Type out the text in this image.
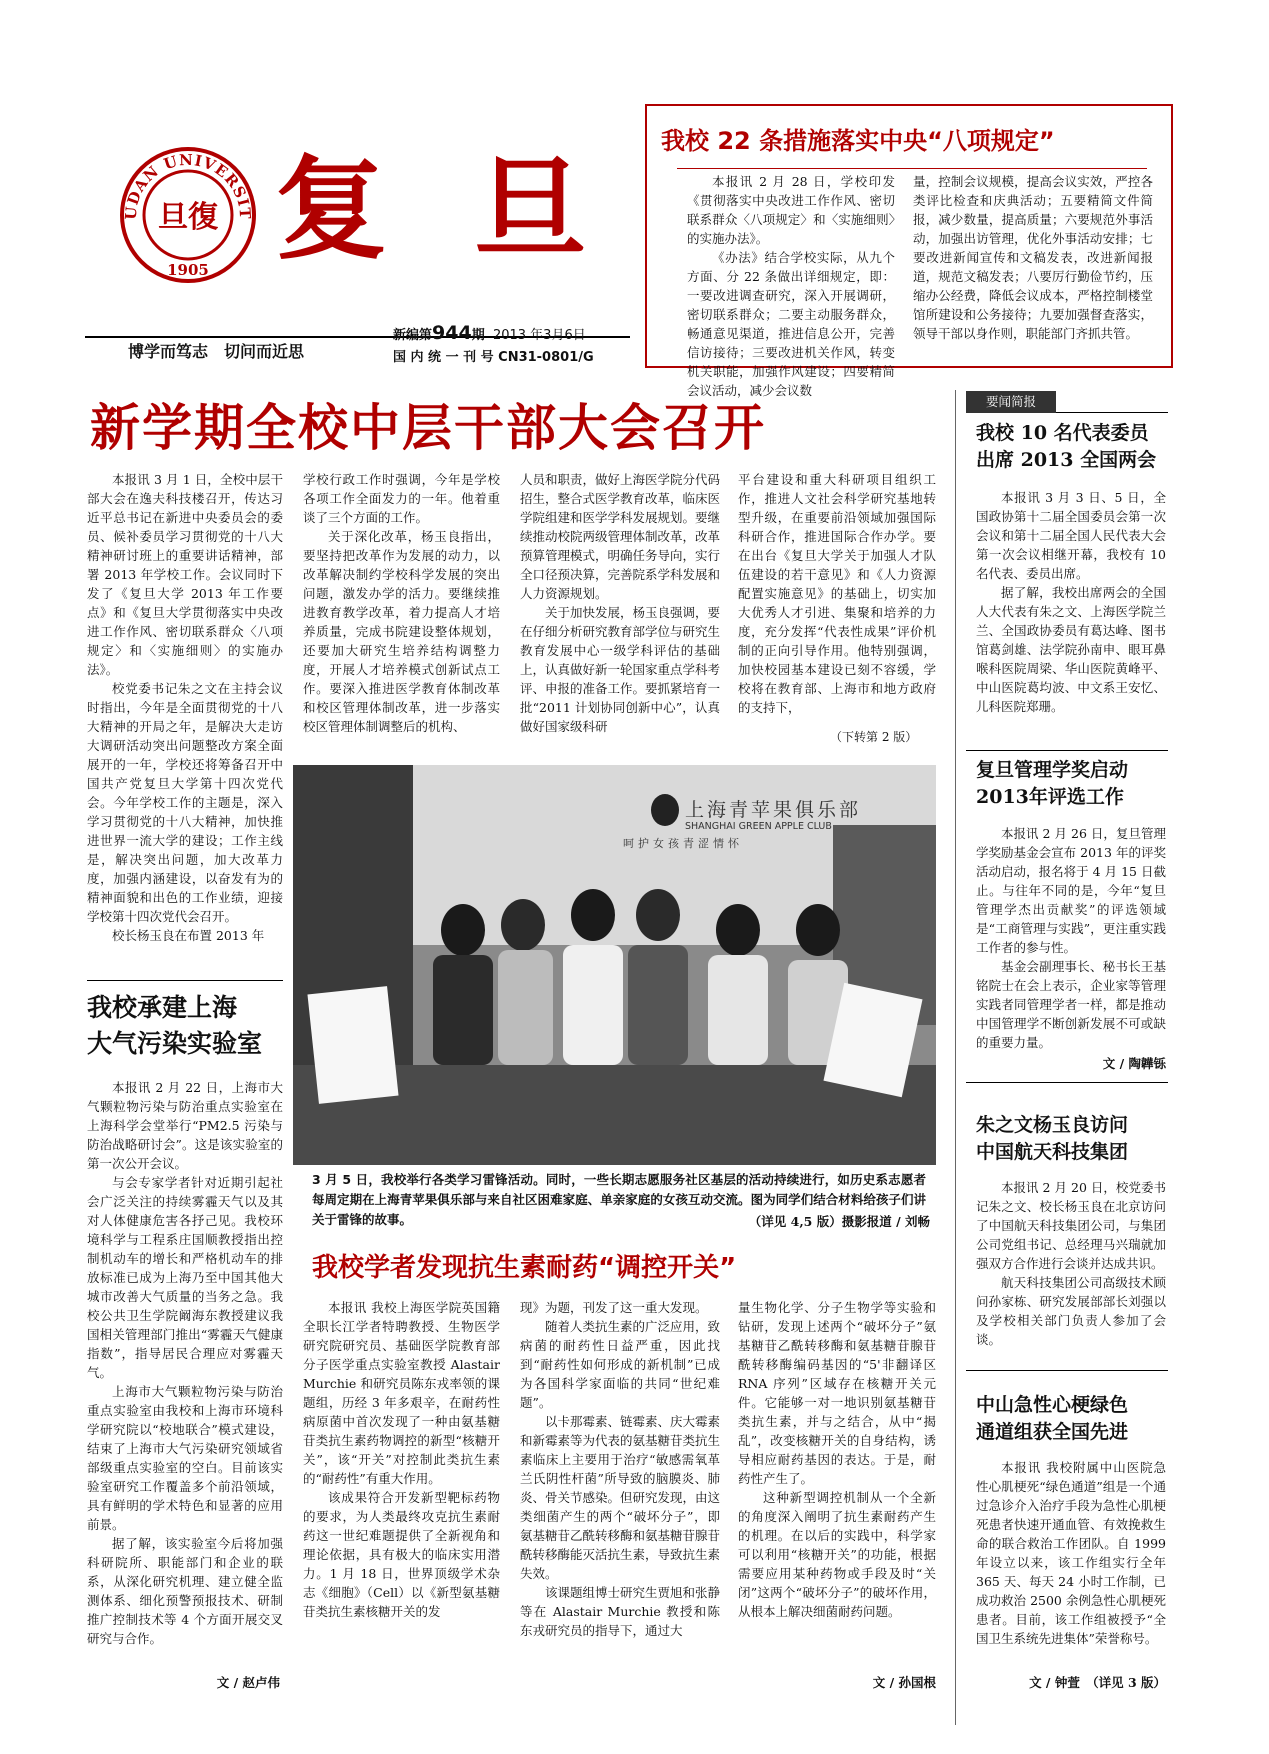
UDAN UNIVERSIT
旦復
1905 复 旦
博学而笃志　切问而近思
新编第944期 2013 年3月6日
国 内 统 一 刊 号 CN31-0801/G
我校 22 条措施落实中央“八项规定”

本报讯 2 月 28 日，学校印发《贯彻落实中央改进工作作风、密切联系群众〈八项规定〉和〈实施细则〉的实施办法》。

《办法》结合学校实际，从九个方面、分 22 条做出详细规定，即：一要改进调查研究，深入开展调研，密切联系群众；二要主动服务群众，畅通意见渠道，推进信息公开，完善信访接待；三要改进机关作风，转变机关职能，加强作风建设；四要精简会议活动，减少会议数

量，控制会议规模，提高会议实效，严控各类评比检查和庆典活动；五要精简文件简报，减少数量，提高质量；六要规范外事活动，加强出访管理，优化外事活动安排；七要改进新闻宣传和文稿发表，改进新闻报道，规范文稿发表；八要厉行勤俭节约，压缩办公经费，降低会议成本，严格控制楼堂馆所建设和公务接待；九要加强督查落实，领导干部以身作则，职能部门齐抓共管。

新学期全校中层干部大会召开

本报讯 3 月 1 日，全校中层干部大会在逸夫科技楼召开，传达习近平总书记在新进中央委员会的委员、候补委员学习贯彻党的十八大精神研讨班上的重要讲话精神，部署 2013 年学校工作。会议同时下发了《复旦大学 2013 年工作要点》和《复旦大学贯彻落实中央改进工作作风、密切联系群众〈八项规定〉和〈实施细则〉的实施办法》。

校党委书记朱之文在主持会议时指出，今年是全面贯彻党的十八大精神的开局之年，是解决大走访大调研活动突出问题整改方案全面展开的一年，学校还将筹备召开中国共产党复旦大学第十四次党代会。今年学校工作的主题是，深入学习贯彻党的十八大精神，加快推进世界一流大学的建设；工作主线是，解决突出问题，加大改革力度，加强内涵建设，以奋发有为的精神面貌和出色的工作业绩，迎接学校第十四次党代会召开。

校长杨玉良在布置 2013 年

学校行政工作时强调，今年是学校各项工作全面发力的一年。他着重谈了三个方面的工作。

关于深化改革，杨玉良指出，要坚持把改革作为发展的动力，以改革解决制约学校科学发展的突出问题，激发办学的活力。要继续推进教育教学改革，着力提高人才培养质量，完成书院建设整体规划，还要加大研究生培养结构调整力度，开展人才培养模式创新试点工作。要深入推进医学教育体制改革和校区管理体制改革，进一步落实校区管理体制调整后的机构、

人员和职责，做好上海医学院分代码招生，整合式医学教育改革，临床医学院组建和医学学科发展规划。要继续推动校院两级管理体制改革，改革预算管理模式，明确任务导向，实行全口径预决算，完善院系学科发展和人力资源规划。

关于加快发展，杨玉良强调，要在仔细分析研究教育部学位与研究生教育发展中心一级学科评估的基础上，认真做好新一轮国家重点学科考评、申报的准备工作。要抓紧培育一批“2011 计划协同创新中心”，认真做好国家级科研

平台建设和重大科研项目组织工作，推进人文社会科学研究基地转型升级，在重要前沿领域加强国际科研合作，推进国际合作办学。要在出台《复旦大学关于加强人才队伍建设的若干意见》和《人力资源配置实施意见》的基础上，切实加大优秀人才引进、集聚和培养的力度，充分发挥“代表性成果”评价机制的正向引导作用。他特别强调，加快校园基本建设已刻不容缓，学校将在教育部、上海市和地方政府的支持下，

（下转第 2 版）
上海青苹果俱乐部
SHANGHAI GREEN APPLE CLUB
呵护女孩青涩情怀
3 月 5 日，我校举行各类学习雷锋活动。同时，一些长期志愿服务社区基层的活动持续进行，如历史系志愿者每周定期在上海青苹果俱乐部与来自社区困难家庭、单亲家庭的女孩互动交流。图为同学们结合材料给孩子们讲关于雷锋的故事。	（详见 4,5 版）摄影报道 / 刘畅
我校承建上海
大气污染实验室

本报讯 2 月 22 日，上海市大气颗粒物污染与防治重点实验室在上海科学会堂举行“PM2.5 污染与防治战略研讨会”。这是该实验室的第一次公开会议。

与会专家学者针对近期引起社会广泛关注的持续雾霾天气以及其对人体健康危害各抒己见。我校环境科学与工程系庄国顺教授指出控制机动车的增长和严格机动车的排放标准已成为上海乃至中国其他大城市改善大气质量的当务之急。我校公共卫生学院阚海东教授建议我国相关管理部门推出“雾霾天气健康指数”，指导居民合理应对雾霾天气。

上海市大气颗粒物污染与防治重点实验室由我校和上海市环境科学研究院以“校地联合”模式建设，结束了上海市大气污染研究领域省部级重点实验室的空白。目前该实验室研究工作覆盖多个前沿领域，具有鲜明的学术特色和显著的应用前景。

据了解，该实验室今后将加强科研院所、职能部门和企业的联系，从深化研究机理、建立健全监测体系、细化预警预报技术、研制推广控制技术等 4 个方面开展交叉研究与合作。

文 / 赵卢伟
我校学者发现抗生素耐药“调控开关”

本报讯 我校上海医学院英国籍全职长江学者特聘教授、生物医学研究院研究员、基础医学院教育部分子医学重点实验室教授 Alastair Murchie 和研究员陈东戎率领的课题组，历经 3 年多艰辛，在耐药性病原菌中首次发现了一种由氨基糖苷类抗生素药物调控的新型“核糖开关”，该“开关”对控制此类抗生素的“耐药性”有重大作用。

该成果符合开发新型靶标药物的要求，为人类最终攻克抗生素耐药这一世纪难题提供了全新视角和理论依据，具有极大的临床实用潜力。1 月 18 日，世界顶级学术杂志《细胞》（Cell）以《新型氨基糖苷类抗生素核糖开关的发

现》为题，刊发了这一重大发现。

随着人类抗生素的广泛应用，致病菌的耐药性日益严重，因此找到“耐药性如何形成的新机制”已成为各国科学家面临的共同“世纪难题”。

以卡那霉素、链霉素、庆大霉素和新霉素等为代表的氨基糖苷类抗生素临床上主要用于治疗“敏感需氧革兰氏阴性杆菌”所导致的脑膜炎、肺炎、骨关节感染。但研究发现，由这类细菌产生的两个“破坏分子”，即氨基糖苷乙酰转移酶和氨基糖苷腺苷酰转移酶能灭活抗生素，导致抗生素失效。

该课题组博士研究生贾旭和张静等在 Alastair Murchie 教授和陈东戎研究员的指导下，通过大

量生物化学、分子生物学等实验和钻研，发现上述两个“破坏分子”氨基糖苷乙酰转移酶和氨基糖苷腺苷酰转移酶编码基因的“5'非翻译区 RNA 序列”区域存在核糖开关元件。它能够一对一地识别氨基糖苷类抗生素，并与之结合，从中“揭乱”，改变核糖开关的自身结构，诱导相应耐药基因的表达。于是，耐药性产生了。

这种新型调控机制从一个全新的角度深入阐明了抗生素耐药产生的机理。在以后的实践中，科学家可以利用“核糖开关”的功能，根据需要应用某种药物或手段及时“关闭”这两个“破坏分子”的破坏作用，从根本上解决细菌耐药问题。

文 / 孙国根
要闻简报
我校 10 名代表委员
出席 2013 全国两会

本报讯 3 月 3 日、5 日，全国政协第十二届全国委员会第一次会议和第十二届全国人民代表大会第一次会议相继开幕，我校有 10 名代表、委员出席。

据了解，我校出席两会的全国人大代表有朱之文、上海医学院兰兰、全国政协委员有葛达峰、图书馆葛剑雄、法学院孙南申、眼耳鼻喉科医院周梁、华山医院黄峰平、中山医院葛均波、中文系王安忆、儿科医院郑珊。

复旦管理学奖启动
2013年评选工作

本报讯 2 月 26 日，复旦管理学奖励基金会宣布 2013 年的评奖活动启动，报名将于 4 月 15 日截止。与往年不同的是，今年“复旦管理学杰出贡献奖”的评选领域是“工商管理与实践”，更注重实践工作者的参与性。

基金会副理事长、秘书长王基铭院士在会上表示，企业家等管理实践者同管理学者一样，都是推动中国管理学不断创新发展不可或缺的重要力量。

文 / 陶韡铄
朱之文杨玉良访问
中国航天科技集团

本报讯 2 月 20 日，校党委书记朱之文、校长杨玉良在北京访问了中国航天科技集团公司，与集团公司党组书记、总经理马兴瑞就加强双方合作进行会谈并达成共识。

航天科技集团公司高级技术顾问孙家栋、研究发展部部长刘强以及学校相关部门负责人参加了会谈。

中山急性心梗绿色
通道组获全国先进

本报讯 我校附属中山医院急性心肌梗死“绿色通道”组是一个通过急诊介入治疗手段为急性心肌梗死患者快速开通血管、有效挽救生命的联合救治工作团队。自 1999 年设立以来，该工作组实行全年 365 天、每天 24 小时工作制，已成功救治 2500 余例急性心肌梗死患者。目前，该工作组被授予“全国卫生系统先进集体”荣誉称号。

文 / 钟萱　（详见 3 版）
